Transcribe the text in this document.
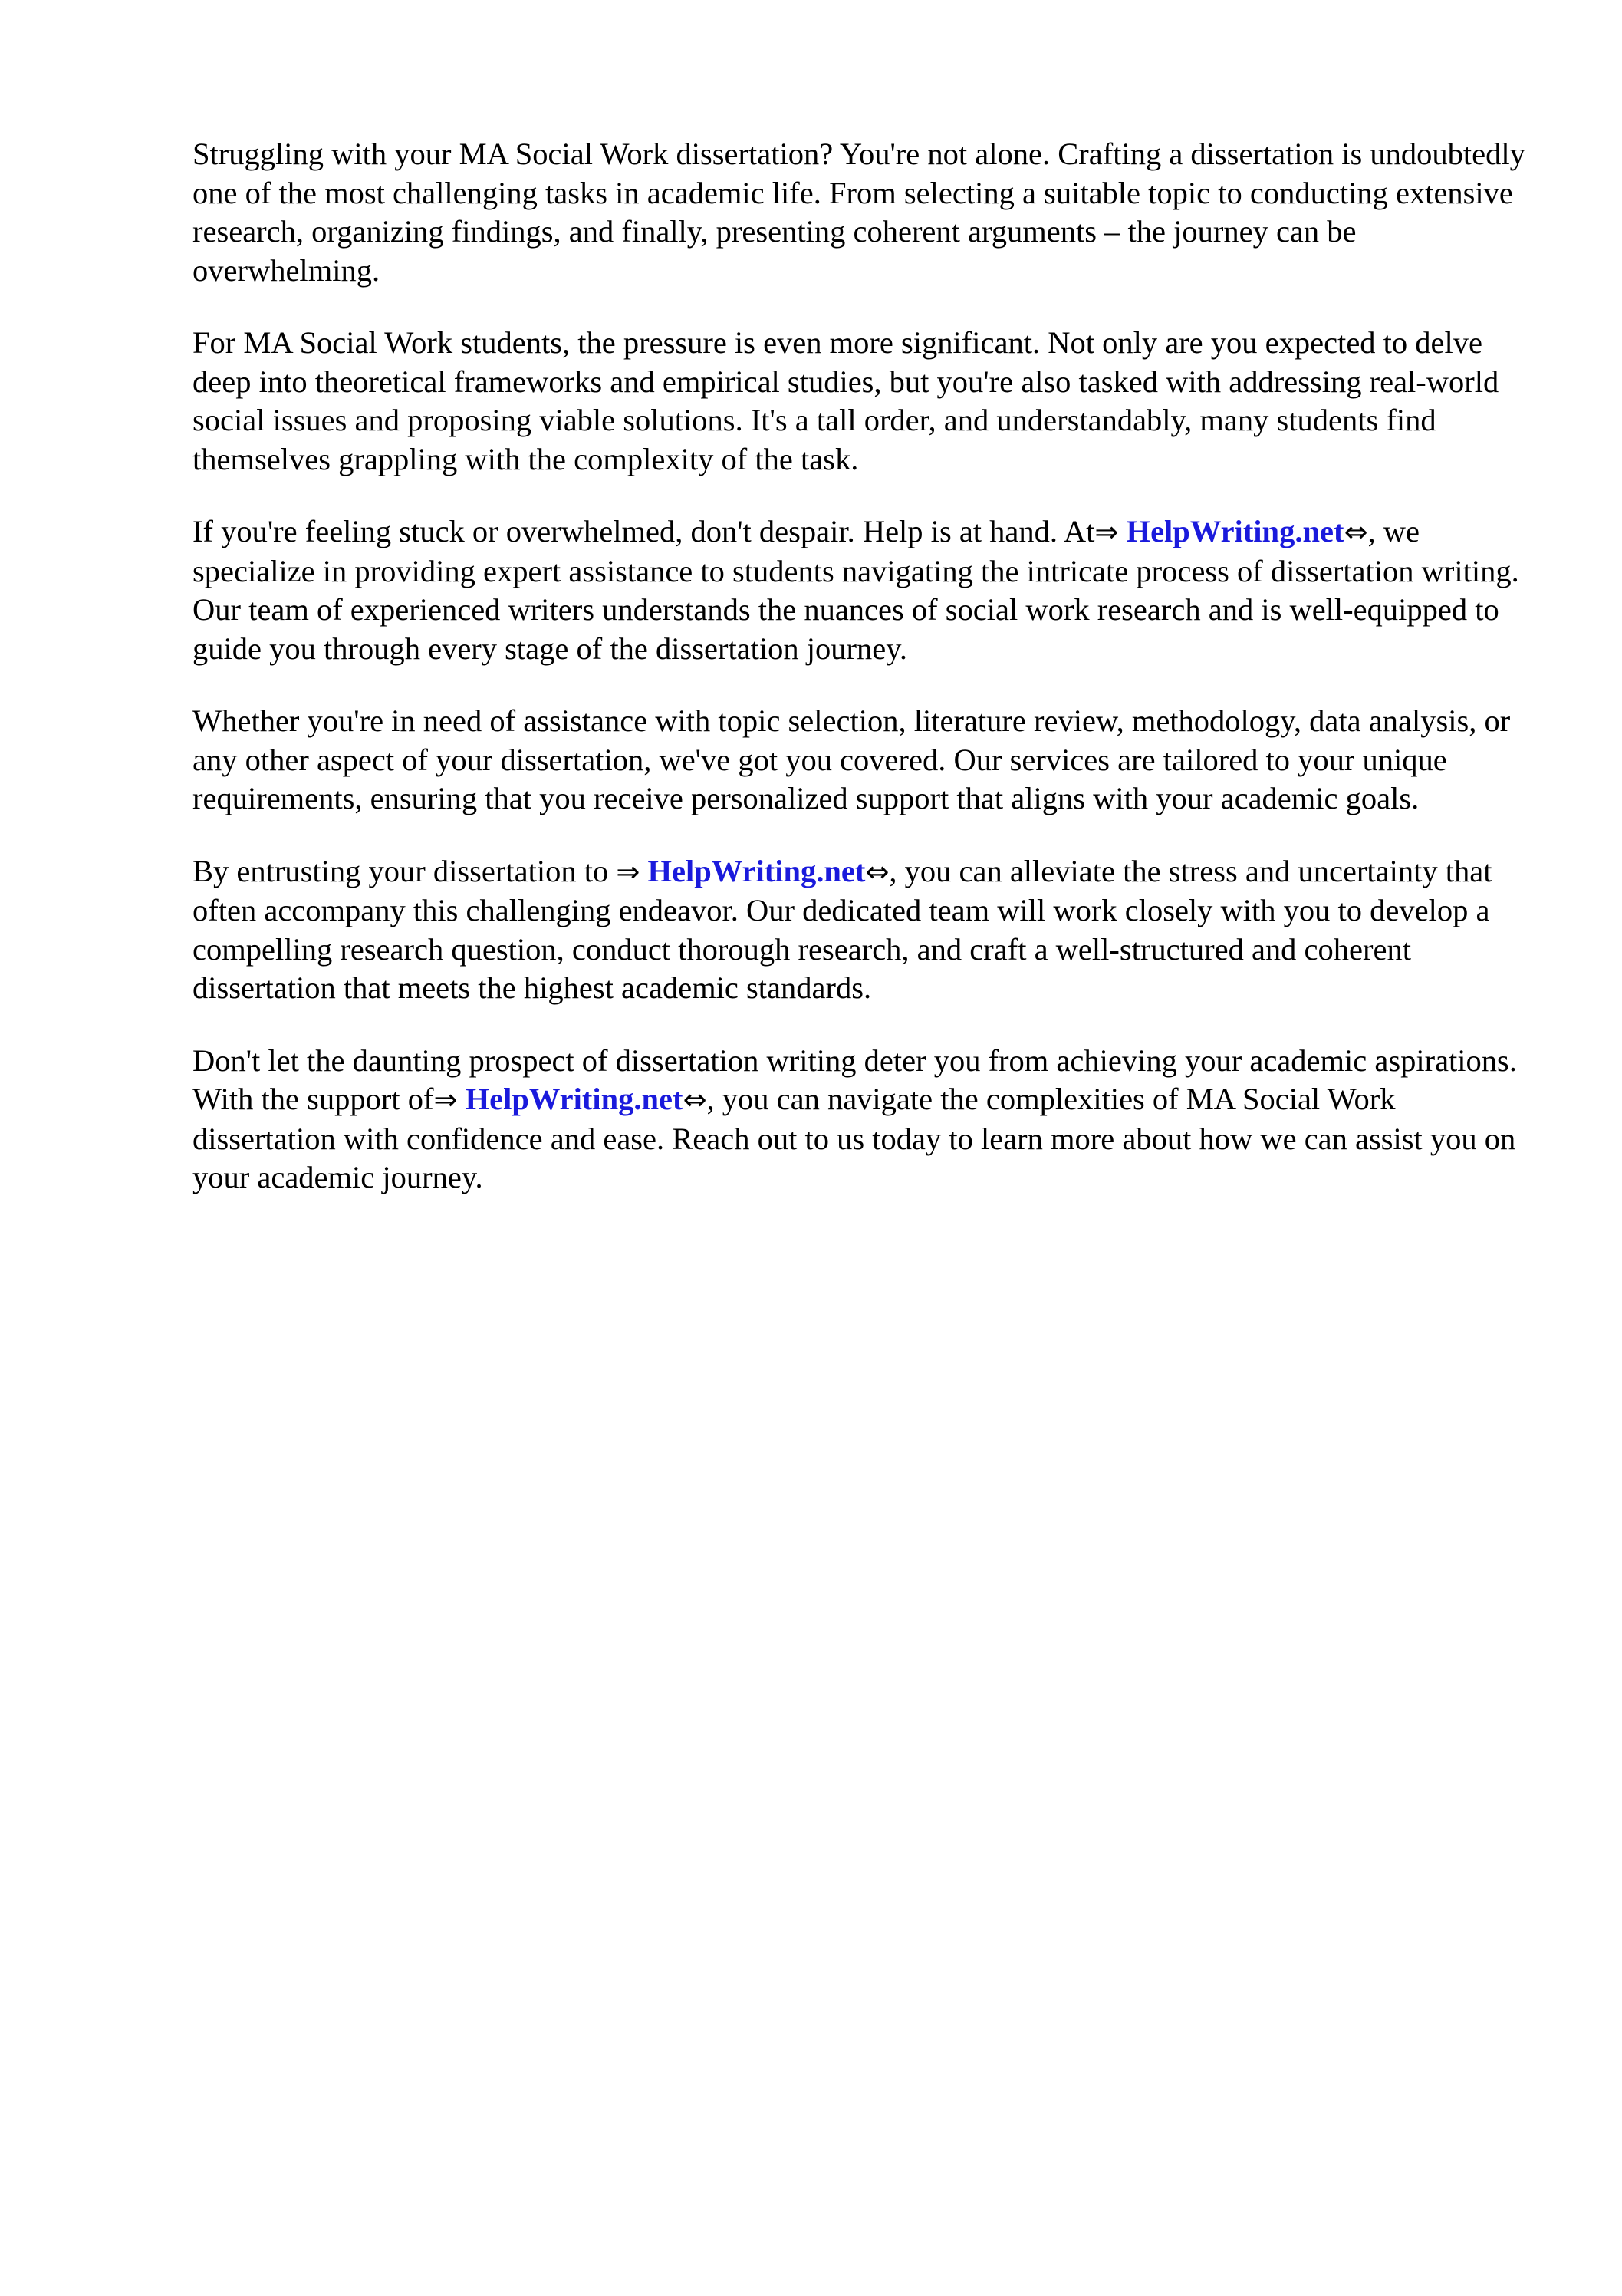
Struggling with your MA Social Work dissertation? You're not alone. Crafting a dissertation is undoubtedly one of the most challenging tasks in academic life. From selecting a suitable topic to conducting extensive research, organizing findings, and finally, presenting coherent arguments – the journey can be overwhelming.

For MA Social Work students, the pressure is even more significant. Not only are you expected to delve deep into theoretical frameworks and empirical studies, but you're also tasked with addressing real-world social issues and proposing viable solutions. It's a tall order, and understandably, many students find themselves grappling with the complexity of the task.

If you're feeling stuck or overwhelmed, don't despair. Help is at hand. At⇒ HelpWriting.net⇔, we specialize in providing expert assistance to students navigating the intricate process of dissertation writing. Our team of experienced writers understands the nuances of social work research and is well-equipped to guide you through every stage of the dissertation journey.

Whether you're in need of assistance with topic selection, literature review, methodology, data analysis, or any other aspect of your dissertation, we've got you covered. Our services are tailored to your unique requirements, ensuring that you receive personalized support that aligns with your academic goals.

By entrusting your dissertation to ⇒ HelpWriting.net⇔, you can alleviate the stress and uncertainty that often accompany this challenging endeavor. Our dedicated team will work closely with you to develop a compelling research question, conduct thorough research, and craft a well-structured and coherent dissertation that meets the highest academic standards.

Don't let the daunting prospect of dissertation writing deter you from achieving your academic aspirations. With the support of⇒ HelpWriting.net⇔, you can navigate the complexities of MA Social Work dissertation with confidence and ease. Reach out to us today to learn more about how we can assist you on your academic journey.
